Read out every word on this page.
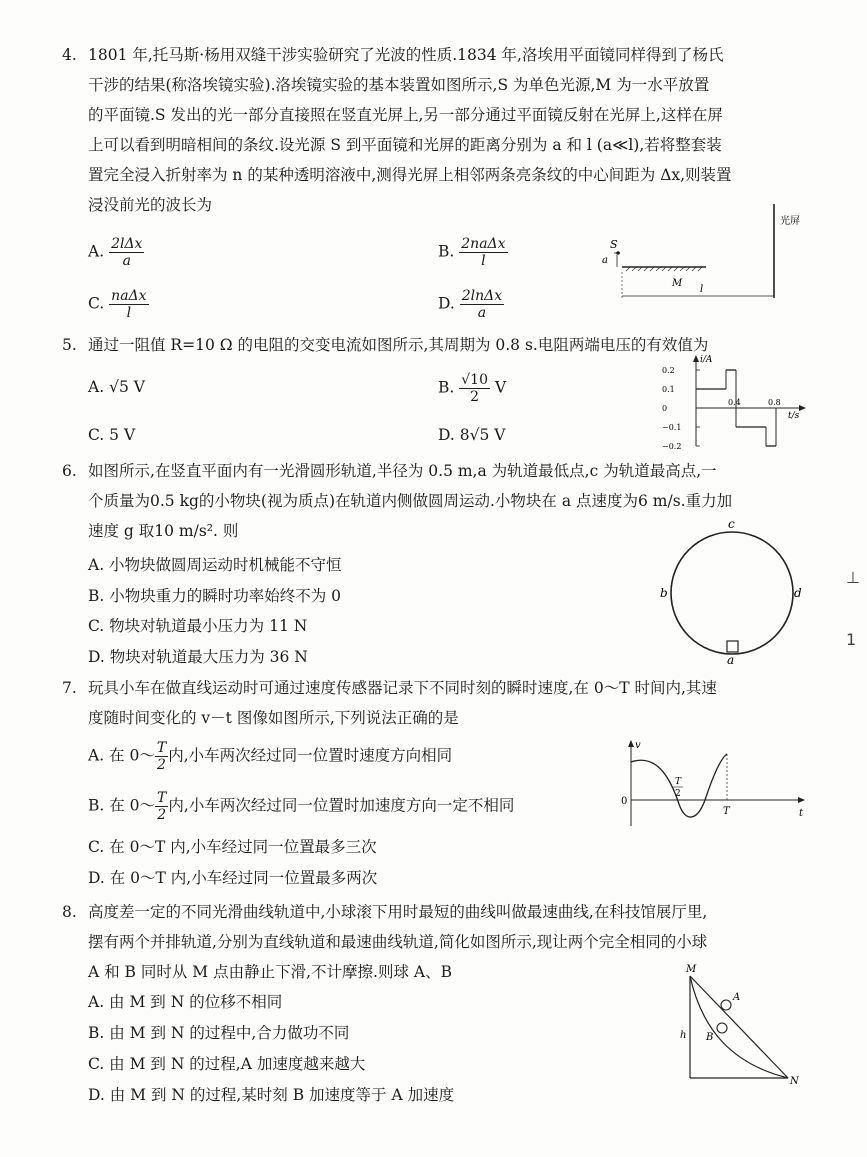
4. 1801 年,托马斯·杨用双缝干涉实验研究了光波的性质.1834 年,洛埃用平面镜同样得到了杨氏
干涉的结果(称洛埃镜实验).洛埃镜实验的基本装置如图所示,S 为单色光源,M 为一水平放置
的平面镜.S 发出的光一部分直接照在竖直光屏上,另一部分通过平面镜反射在光屏上,这样在屏
上可以看到明暗相间的条纹.设光源 S 到平面镜和光屏的距离分别为 a 和 l (a≪l),若将整套装
置完全浸入折射率为 n 的某种透明溶液中,测得光屏上相邻两条亮条纹的中心间距为 Δx,则装置
浸没前光的波长为
A. $\frac{\text{2lΔx}}{a}$	B. $\frac{\text{2naΔx}}{l}$
C. $\frac{\text{naΔx}}{l}$	D. $\frac{2\ln\Delta x}{a}$
光屏
S
a
M
l
5. 通过一阻值 R=10 Ω 的电阻的交变电流如图所示,其周期为 0.8 s.电阻两端电压的有效值为
A. √5 V	B. $\frac{√10}{2}$ V
C. 5 V	D. 8√5 V
i/A
t/s
0.2
0.1
0
−0.1
−0.2
0.4	0.8
6. 如图所示,在竖直平面内有一光滑圆形轨道,半径为 0.5 m,a 为轨道最低点,c 为轨道最高点,一
个质量为0.5 kg的小物块(视为质点)在轨道内侧做圆周运动.小物块在 a 点速度为6 m/s.重力加
速度 g 取10 m/s². 则
A. 小物块做圆周运动时机械能不守恒
B. 小物块重力的瞬时功率始终不为 0
C. 物块对轨道最小压力为 11 N
D. 物块对轨道最大压力为 36 N
c
b	d
a
7. 玩具小车在做直线运动时可通过速度传感器记录下不同时刻的瞬时速度,在 0～T 时间内,其速
度随时间变化的 v－t 图像如图所示,下列说法正确的是
A. 在 0～ $\frac{T}{2}$ 内,小车两次经过同一位置时速度方向相同
B. 在 0～ $\frac{T}{2}$ 内,小车两次经过同一位置时加速度方向一定不相同
C. 在 0～T 内,小车经过同一位置最多三次
D. 在 0～T 内,小车经过同一位置最多两次
v
t
0
T
T
2
8. 高度差一定的不同光滑曲线轨道中,小球滚下用时最短的曲线叫做最速曲线,在科技馆展厅里,
摆有两个并排轨道,分别为直线轨道和最速曲线轨道,简化如图所示,现让两个完全相同的小球
A 和 B 同时从 M 点由静止下滑,不计摩擦.则球 A、B
A. 由 M 到 N 的位移不相同
B. 由 M 到 N 的过程中,合力做功不同
C. 由 M 到 N 的过程,A 加速度越来越大
D. 由 M 到 N 的过程,某时刻 B 加速度等于 A 加速度
M
N
h
A
B
⊥
1
